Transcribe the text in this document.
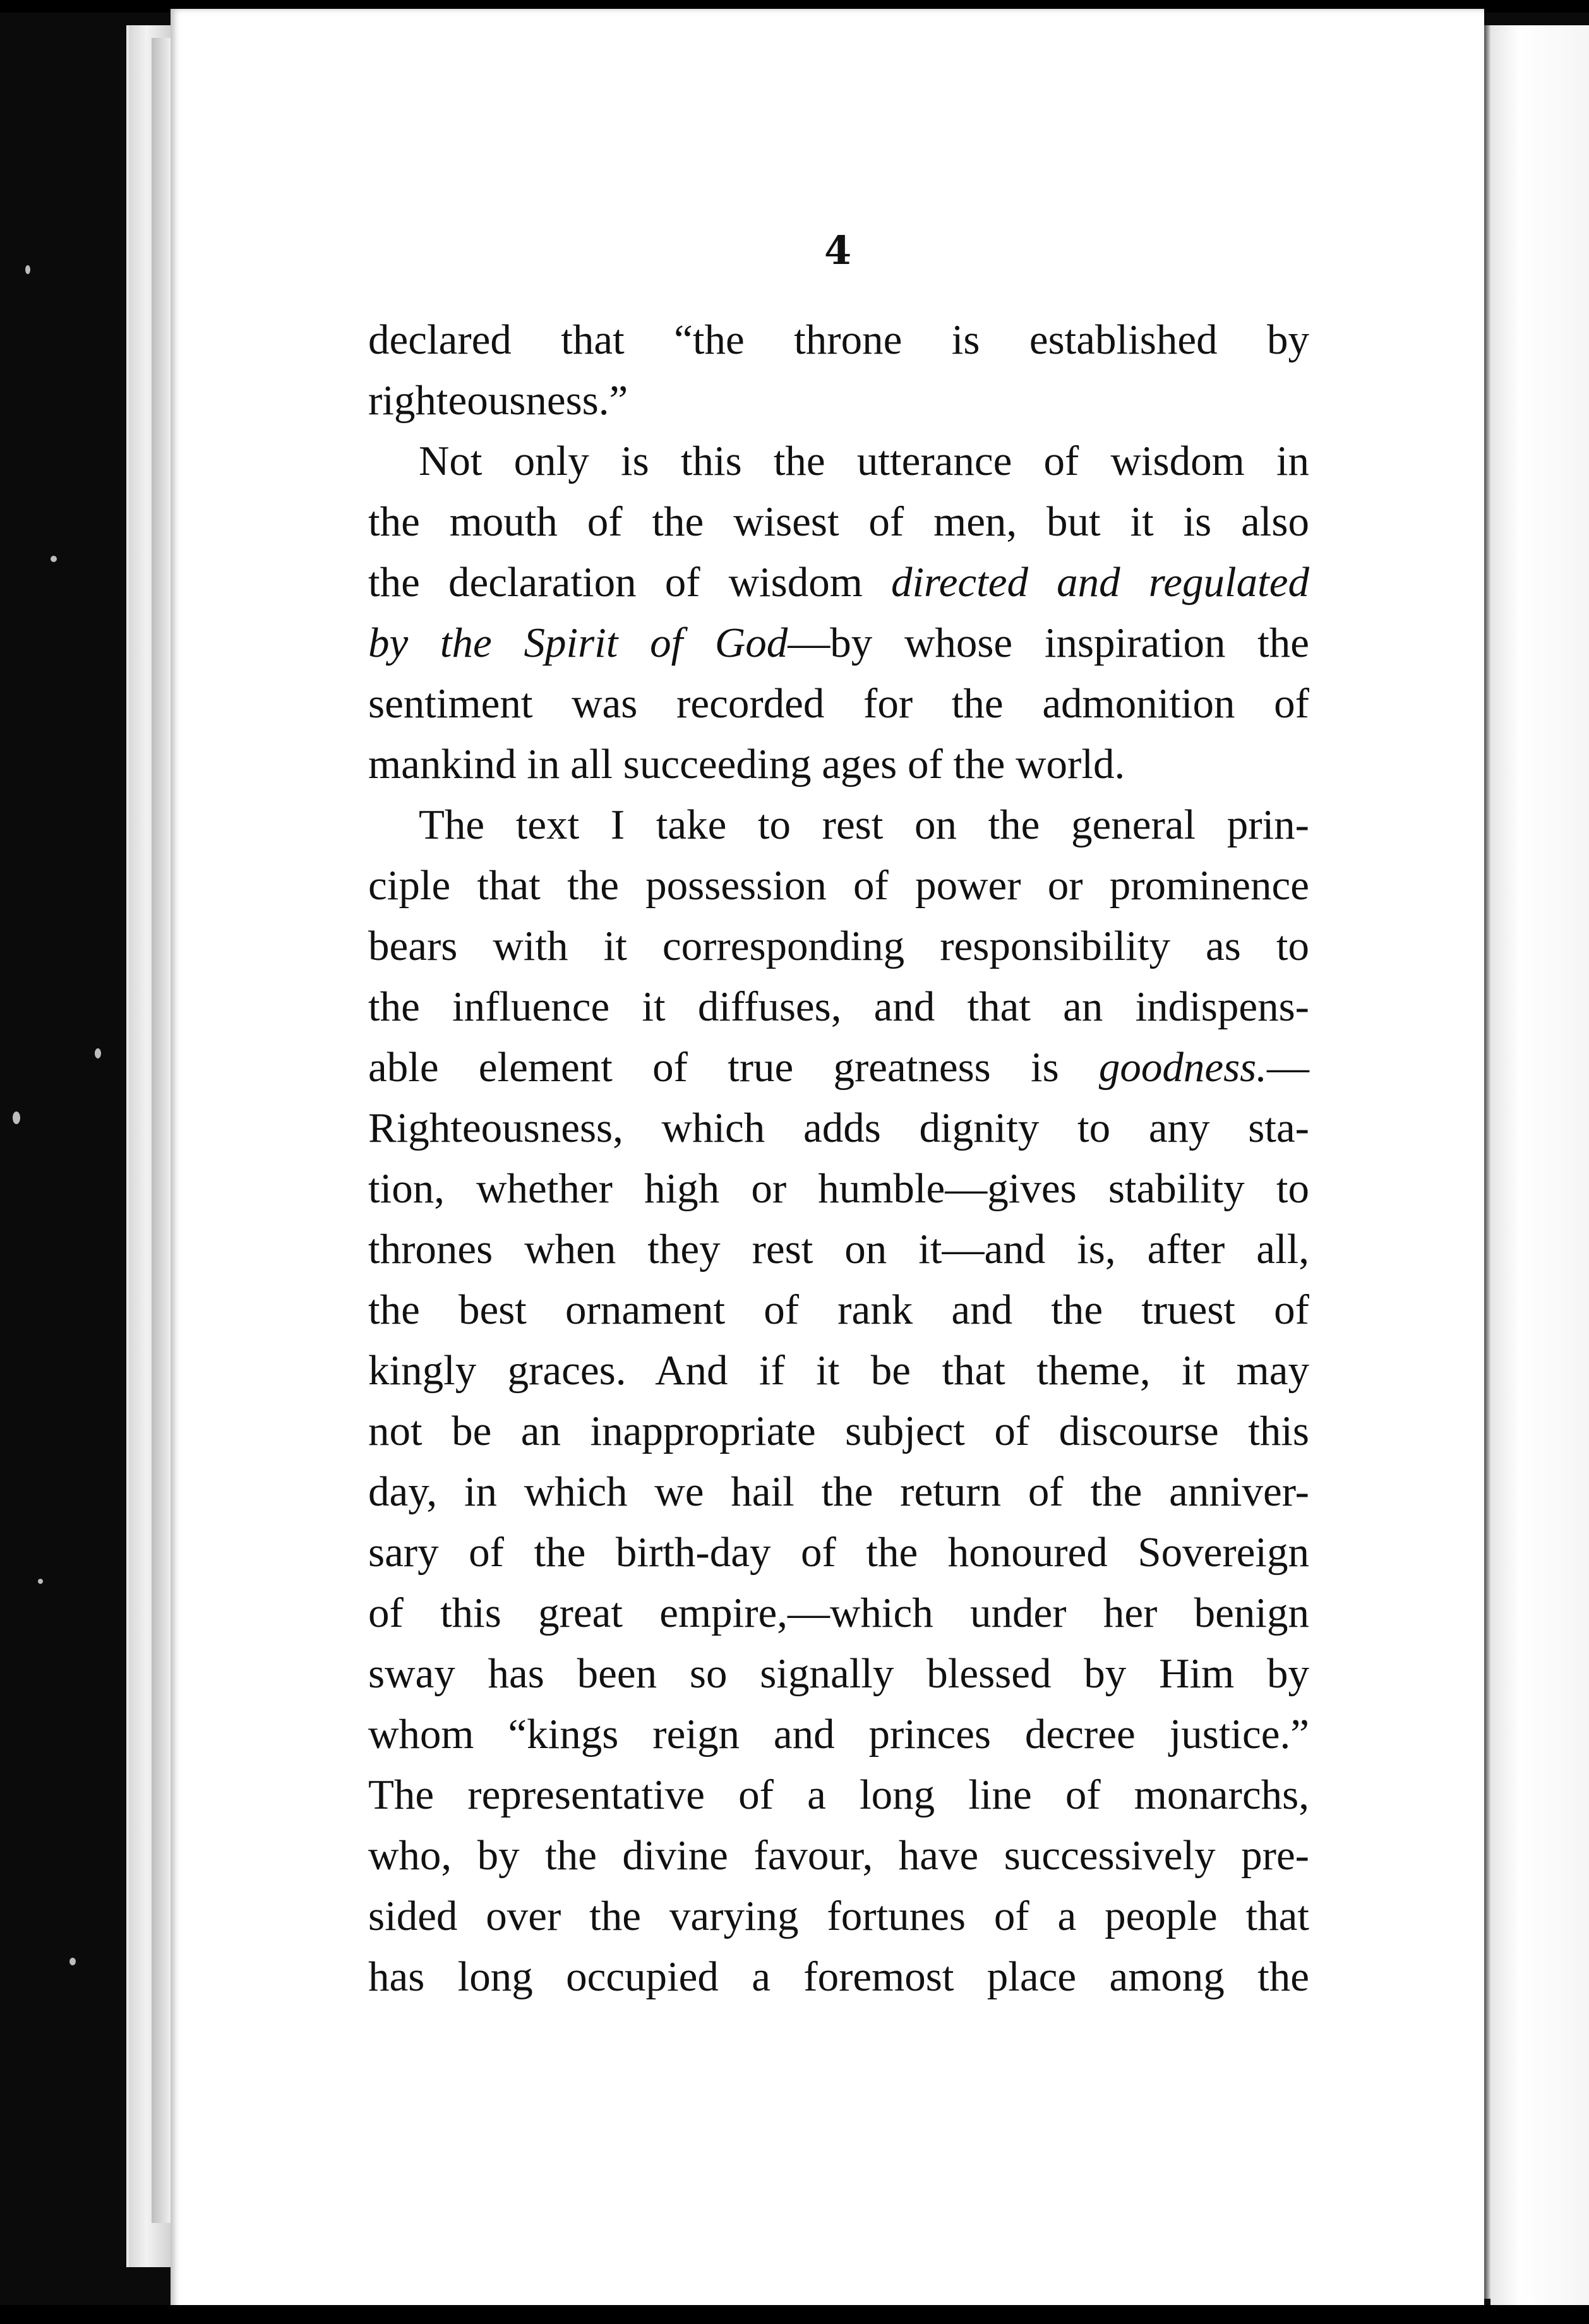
4
declared that “the throne is established by
righteousness.”
Not only is this the utterance of wisdom in
the mouth of the wisest of men, but it is also
the declaration of wisdom directed and regulated
by the Spirit of God—by whose inspiration the
sentiment was recorded for the admonition of
mankind in all succeeding ages of the world.
The text I take to rest on the general prin-
ciple that the possession of power or prominence
bears with it corresponding responsibility as to
the influence it diffuses, and that an indispens-
able element of true greatness is goodness.—
Righteousness, which adds dignity to any sta-
tion, whether high or humble—gives stability to
thrones when they rest on it—and is, after all,
the best ornament of rank and the truest of
kingly graces. And if it be that theme, it may
not be an inappropriate subject of discourse this
day, in which we hail the return of the anniver-
sary of the birth-day of the honoured Sovereign
of this great empire,—which under her benign
sway has been so signally blessed by Him by
whom “kings reign and princes decree justice.”
The representative of a long line of monarchs,
who, by the divine favour, have successively pre-
sided over the varying fortunes of a people that
has long occupied a foremost place among the
